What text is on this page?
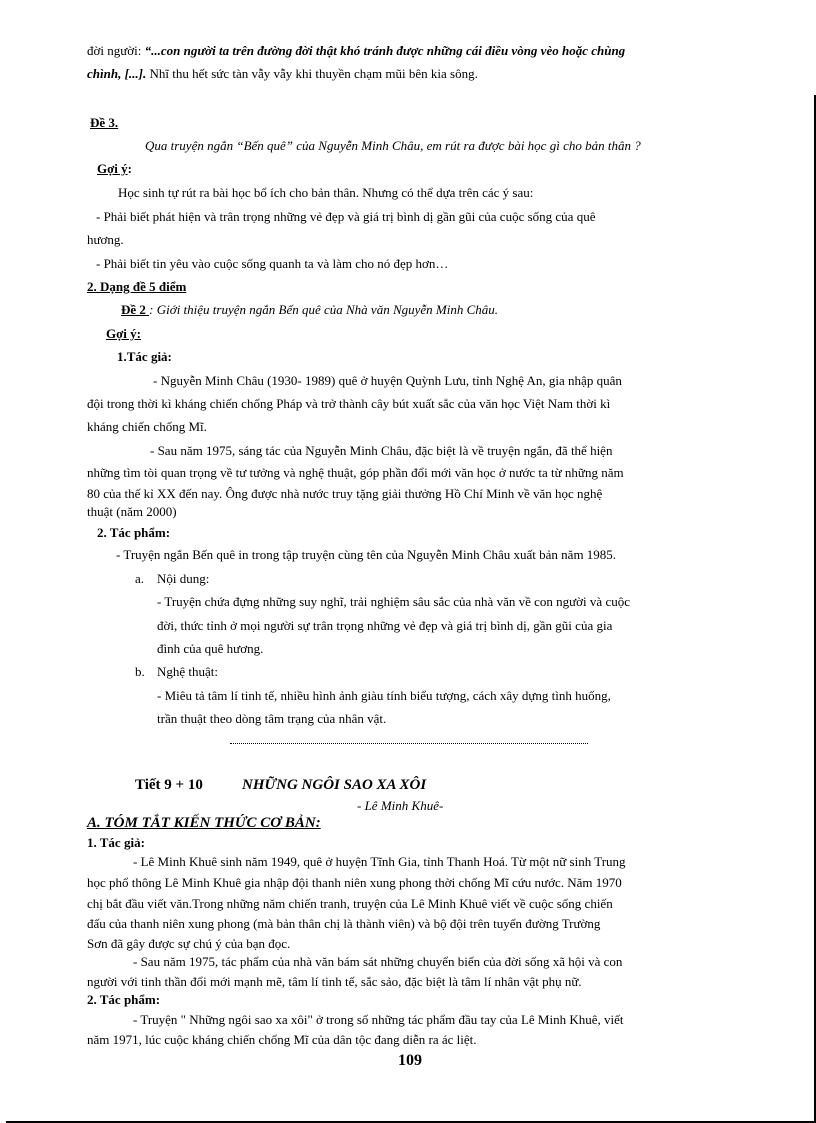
đời người: “...con người ta trên đường đời thật khó tránh được những cái điều vòng vèo hoặc chùng
chình, [...]. Nhĩ thu hết sức tàn vẫy vẫy khi thuyền chạm mũi bên kia sông.
Đề 3.
Qua truyện ngắn “Bến quê” của Nguyễn Minh Châu, em rút ra được bài học gì cho bản thân ?
Gợi ý:
Học sinh tự rút ra bài học bổ ích cho bản thân. Nhưng có thể dựa trên các ý sau:
- Phải biết phát hiện và trân trọng những vẻ đẹp và giá trị bình dị gần gũi của cuộc sống của quê
hương.
- Phải biết tin yêu vào cuộc sống quanh ta và làm cho nó đẹp hơn…
2. Dạng đề 5 điểm
Đề 2 : Giới thiệu truyện ngắn Bến quê của Nhà văn Nguyễn Minh Châu.
Gợi ý:
1.Tác giả:
- Nguyễn Minh Châu (1930- 1989) quê ở huyện Quỳnh Lưu, tỉnh Nghệ An, gia nhập quân
đội trong thời kì kháng chiến chống Pháp và trở thành cây bút xuất sắc của văn học Việt Nam thời kì
kháng chiến chống Mĩ.
- Sau năm 1975, sáng tác của Nguyễn Minh Châu, đặc biệt là về truyện ngắn, đã thể hiện
những tìm tòi quan trọng về tư tưởng và nghệ thuật, góp phần đổi mới văn học ở nước ta từ những năm
80 của thế kỉ XX đến nay. Ông được nhà nước truy tặng giải thưởng Hồ Chí Minh về văn học nghệ
thuật (năm 2000)
2. Tác phẩm:
- Truyện ngắn Bến quê in trong tập truyện cùng tên của Nguyễn Minh Châu xuất bản năm 1985.
a. Nội dung:
- Truyện chứa đựng những suy nghĩ, trải nghiệm sâu sắc của nhà văn về con người và cuộc
đời, thức tỉnh ở mọi người sự trân trọng những vẻ đẹp và giá trị bình dị, gần gũi của gia
đình của quê hương.
b. Nghệ thuật:
- Miêu tả tâm lí tinh tế, nhiều hình ảnh giàu tính biểu tượng, cách xây dựng tình huống,
trần thuật theo dòng tâm trạng của nhân vật.
Tiết 9 + 10	NHỮNG NGÔI SAO XA XÔI
- Lê Minh Khuê-
A. TÓM TẮT KIẾN THỨC CƠ BẢN:
1. Tác giả:
- Lê Minh Khuê sinh năm 1949, quê ở huyện Tĩnh Gia, tỉnh Thanh Hoá. Từ một nữ sinh Trung
học phổ thông Lê Minh Khuê gia nhập đội thanh niên xung phong thời chống Mĩ cứu nước. Năm 1970
chị bắt đầu viết văn.Trong những năm chiến tranh, truyện của Lê Minh Khuê viết về cuộc sống chiến
đấu của thanh niên xung phong (mà bản thân chị là thành viên) và bộ đội trên tuyến đường Trường
Sơn đã gây được sự chú ý của bạn đọc.
- Sau năm 1975, tác phẩm của nhà văn bám sát những chuyển biến của đời sống xã hội và con
người với tinh thần đổi mới mạnh mẽ, tâm lí tinh tế, sắc sảo, đặc biệt là tâm lí nhân vật phụ nữ.
2. Tác phẩm:
- Truyện " Những ngôi sao xa xôi" ở trong số những tác phẩm đầu tay của Lê Minh Khuê, viết
năm 1971, lúc cuộc kháng chiến chống Mĩ của dân tộc đang diễn ra ác liệt.
109
